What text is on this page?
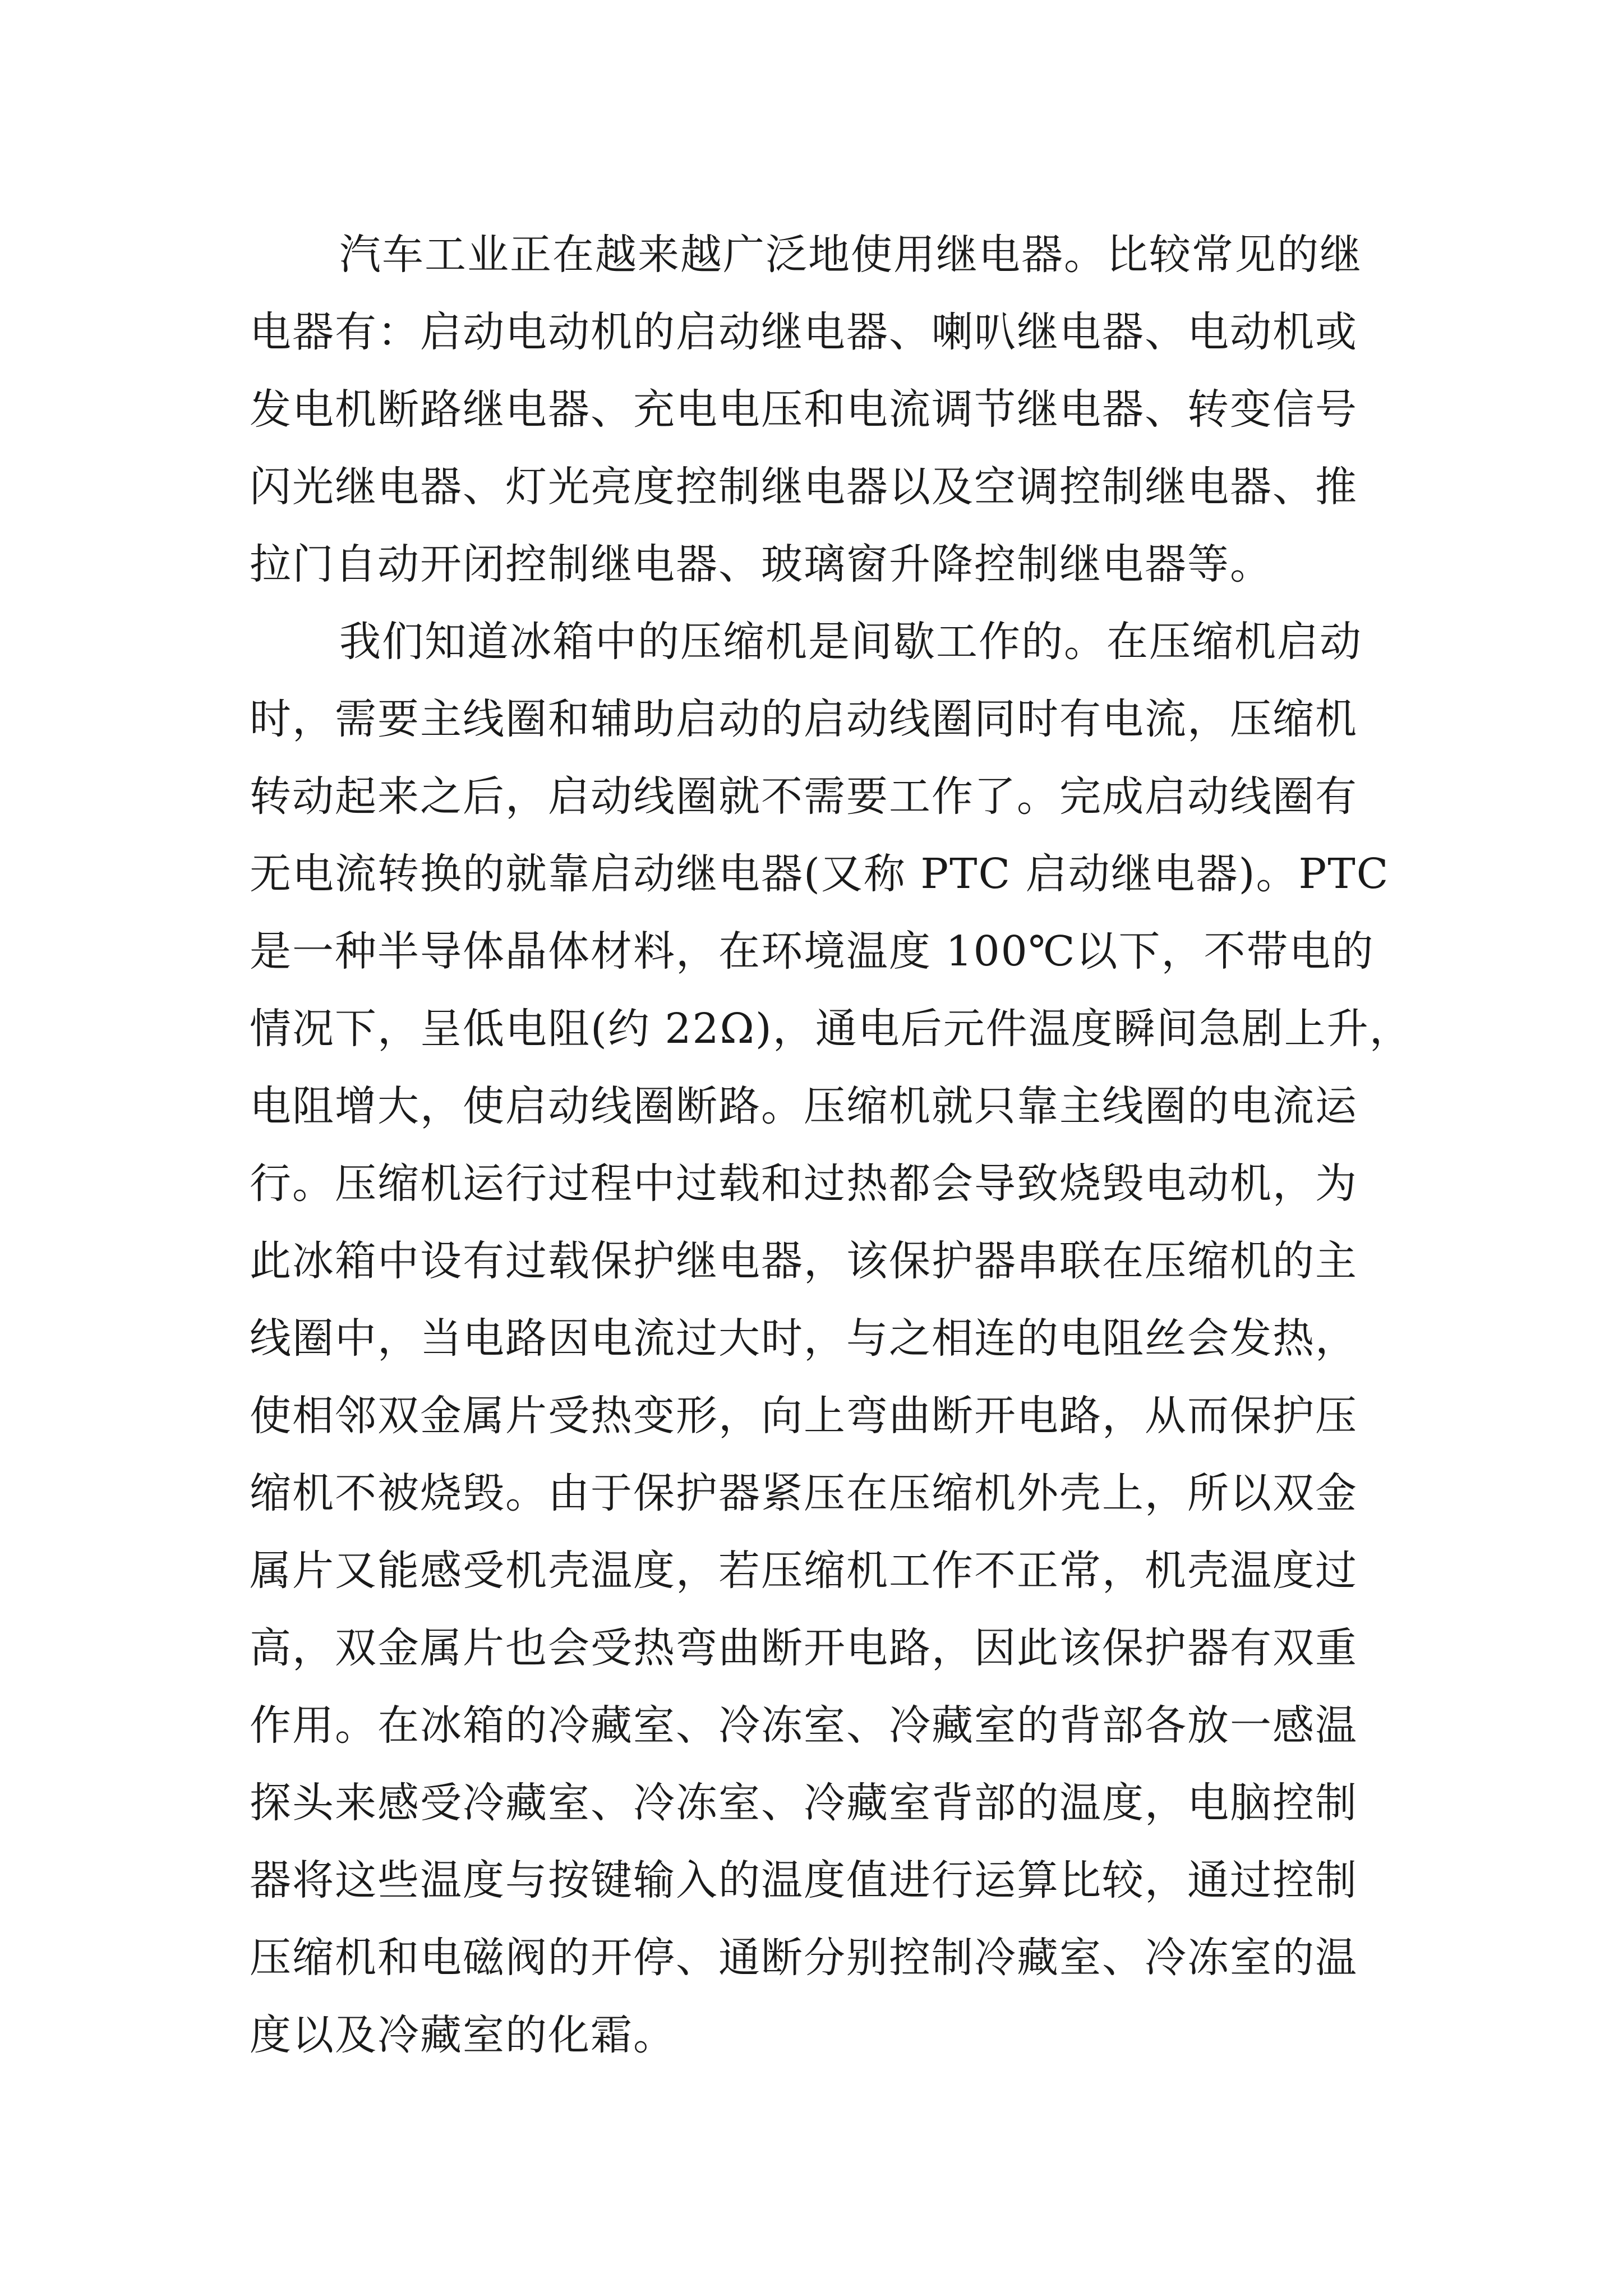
汽车工业正在越来越广泛地使用继电器。比较常见的继
电器有：启动电动机的启动继电器、喇叭继电器、电动机或
发电机断路继电器、充电电压和电流调节继电器、转变信号
闪光继电器、灯光亮度控制继电器以及空调控制继电器、推
拉门自动开闭控制继电器、玻璃窗升降控制继电器等。
我们知道冰箱中的压缩机是间歇工作的。在压缩机启动
时，需要主线圈和辅助启动的启动线圈同时有电流，压缩机
转动起来之后，启动线圈就不需要工作了。完成启动线圈有
无电流转换的就靠启动继电器(又称 PTC 启动继电器)。PTC
是一种半导体晶体材料，在环境温度 100℃以下，不带电的
情况下，呈低电阻(约 22Ω)，通电后元件温度瞬间急剧上升，
电阻增大，使启动线圈断路。压缩机就只靠主线圈的电流运
行。压缩机运行过程中过载和过热都会导致烧毁电动机，为
此冰箱中设有过载保护继电器，该保护器串联在压缩机的主
线圈中，当电路因电流过大时，与之相连的电阻丝会发热，
使相邻双金属片受热变形，向上弯曲断开电路，从而保护压
缩机不被烧毁。由于保护器紧压在压缩机外壳上，所以双金
属片又能感受机壳温度，若压缩机工作不正常，机壳温度过
高，双金属片也会受热弯曲断开电路，因此该保护器有双重
作用。在冰箱的冷藏室、冷冻室、冷藏室的背部各放一感温
探头来感受冷藏室、冷冻室、冷藏室背部的温度，电脑控制
器将这些温度与按键输入的温度值进行运算比较，通过控制
压缩机和电磁阀的开停、通断分别控制冷藏室、冷冻室的温
度以及冷藏室的化霜。
